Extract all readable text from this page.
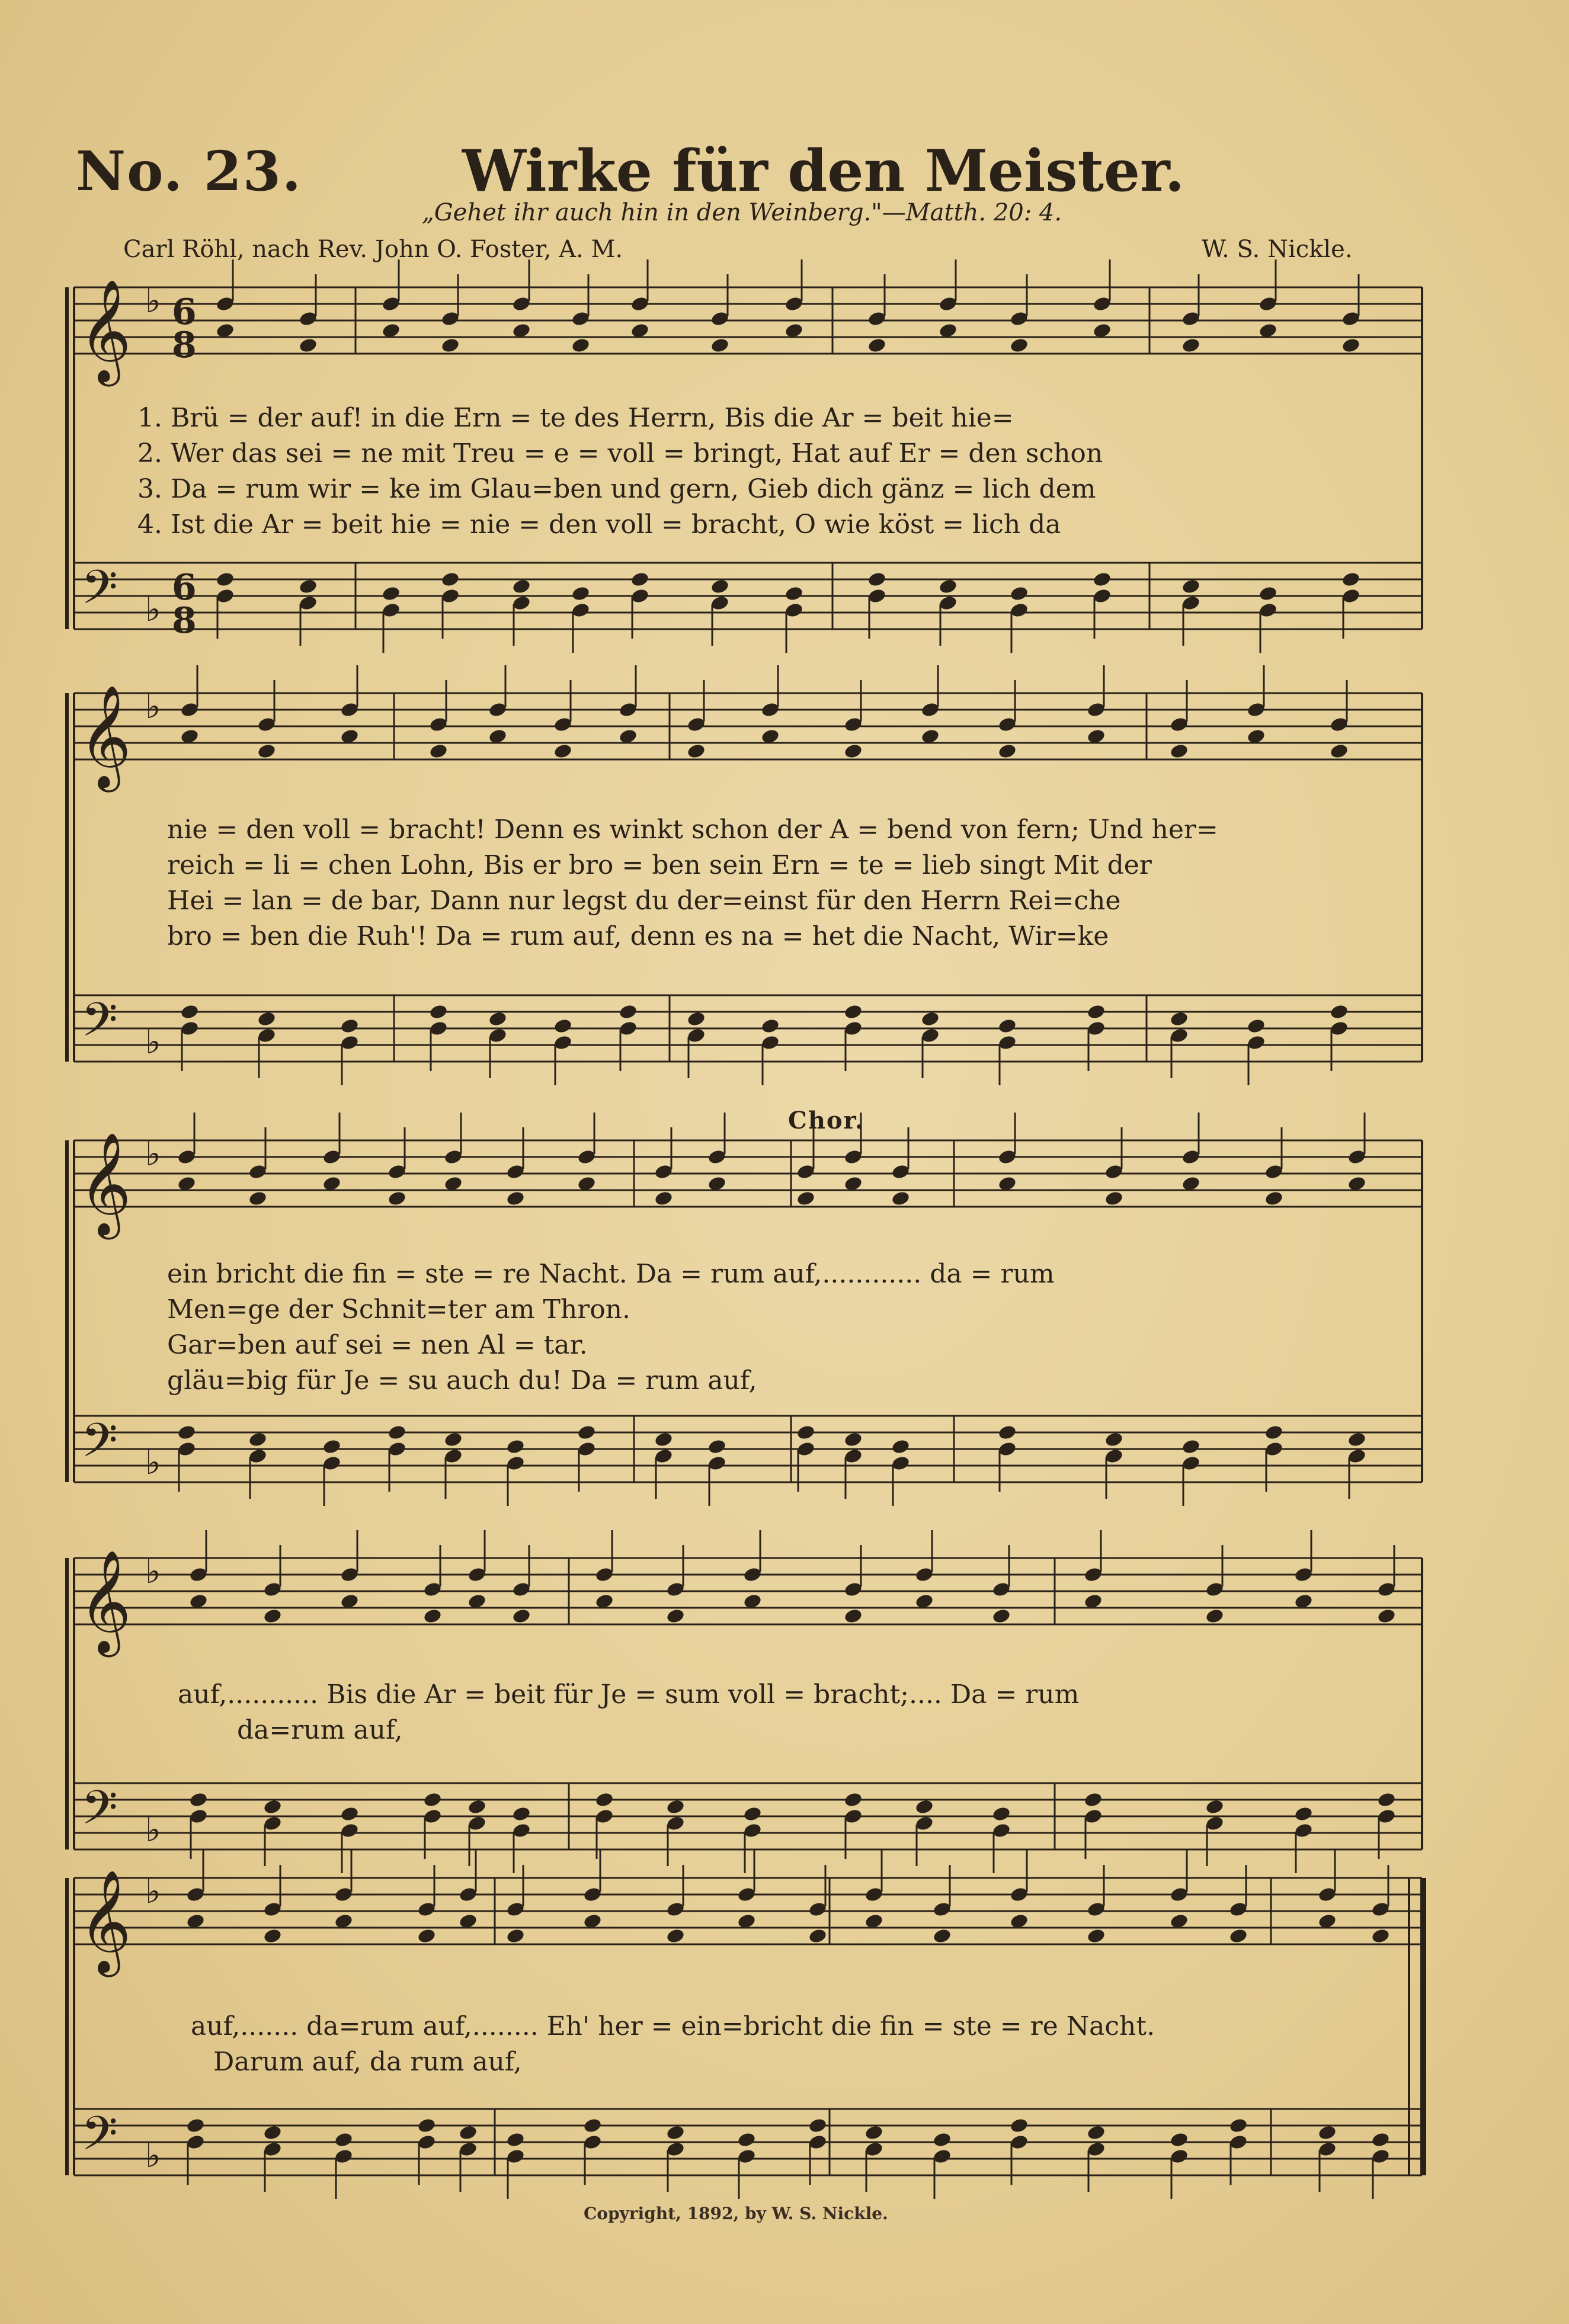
No. 23.	Wirke für den Meister.
„Gehet ihr auch hin in den Weinberg."—Matth. 20: 4.
Carl Röhl, nach Rev. John O. Foster, A. M.	W. S. Nickle.
𝄞
𝄢
♭
♭
6
8
6
8
𝄞
𝄢
♭
♭
𝄞
𝄢
♭
♭
𝄞
𝄢
♭
♭
𝄞
𝄢
♭
♭
Chor.
1. Brü = der auf! in die Ern = te des Herrn, Bis die Ar = beit hie=
2. Wer das sei = ne mit Treu = e = voll = bringt, Hat auf Er = den schon
3. Da = rum wir = ke im Glau=ben und gern, Gieb dich gänz = lich dem
4. Ist die Ar = beit hie = nie = den voll = bracht, O wie köst = lich da
nie = den voll = bracht! Denn es winkt schon der A = bend von fern; Und her=
reich = li = chen Lohn, Bis er bro = ben sein Ern = te = lieb singt Mit der
Hei = lan = de bar, Dann nur legst du der=einst für den Herrn Rei=che
bro = ben die Ruh'! Da = rum auf, denn es na = het die Nacht, Wir=ke
ein bricht die fin = ste = re Nacht. Da = rum auf,............ da = rum
Men=ge der Schnit=ter am Thron.
Gar=ben auf sei = nen Al = tar.
gläu=big für Je = su auch du! Da = rum auf,
auf,........... Bis die Ar = beit für Je = sum voll = bracht;.... Da = rum
da=rum auf,
auf,....... da=rum auf,........ Eh' her = ein=bricht die fin = ste = re Nacht.
Darum auf, da rum auf,
Copyright, 1892, by W. S. Nickle.
